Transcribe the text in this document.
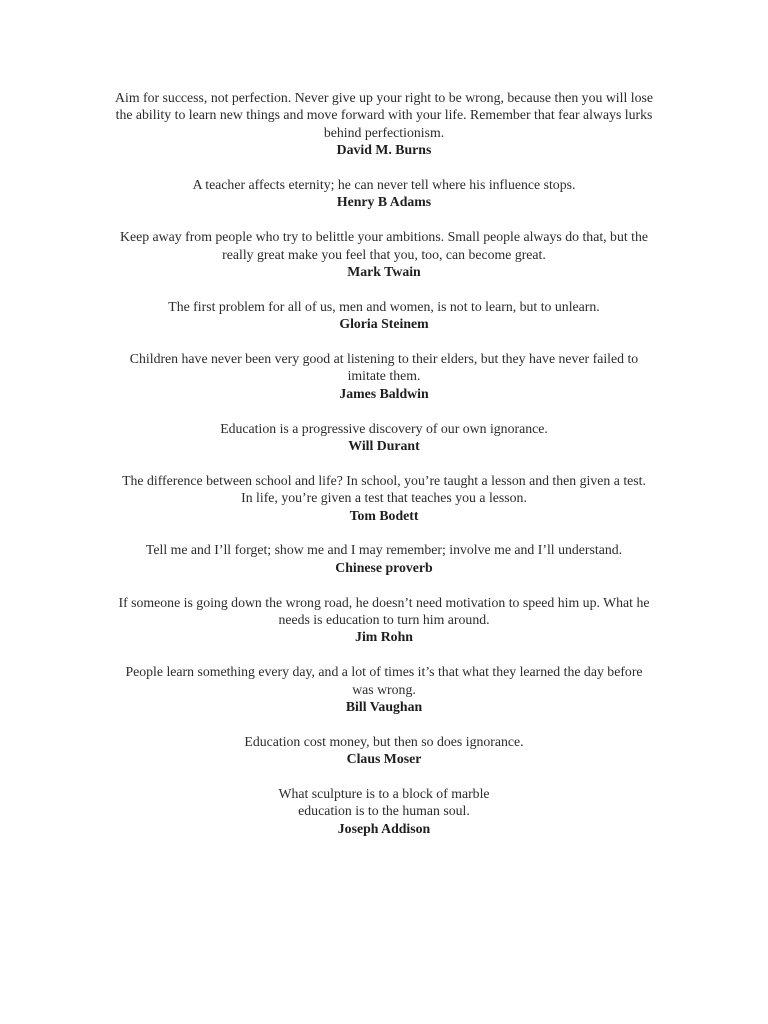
Aim for success, not perfection. Never give up your right to be wrong, because then you will lose
the ability to learn new things and move forward with your life. Remember that fear always lurks
behind perfectionism.
David M. Burns
A teacher affects eternity; he can never tell where his influence stops.
Henry B Adams
Keep away from people who try to belittle your ambitions. Small people always do that, but the
really great make you feel that you, too, can become great.
Mark Twain
The first problem for all of us, men and women, is not to learn, but to unlearn.
Gloria Steinem
Children have never been very good at listening to their elders, but they have never failed to
imitate them.
James Baldwin
Education is a progressive discovery of our own ignorance.
Will Durant
The difference between school and life? In school, you’re taught a lesson and then given a test.
In life, you’re given a test that teaches you a lesson.
Tom Bodett
Tell me and I’ll forget; show me and I may remember; involve me and I’ll understand.
Chinese proverb
If someone is going down the wrong road, he doesn’t need motivation to speed him up. What he
needs is education to turn him around.
Jim Rohn
People learn something every day, and a lot of times it’s that what they learned the day before
was wrong.
Bill Vaughan
Education cost money, but then so does ignorance.
Claus Moser
What sculpture is to a block of marble
education is to the human soul.
Joseph Addison
